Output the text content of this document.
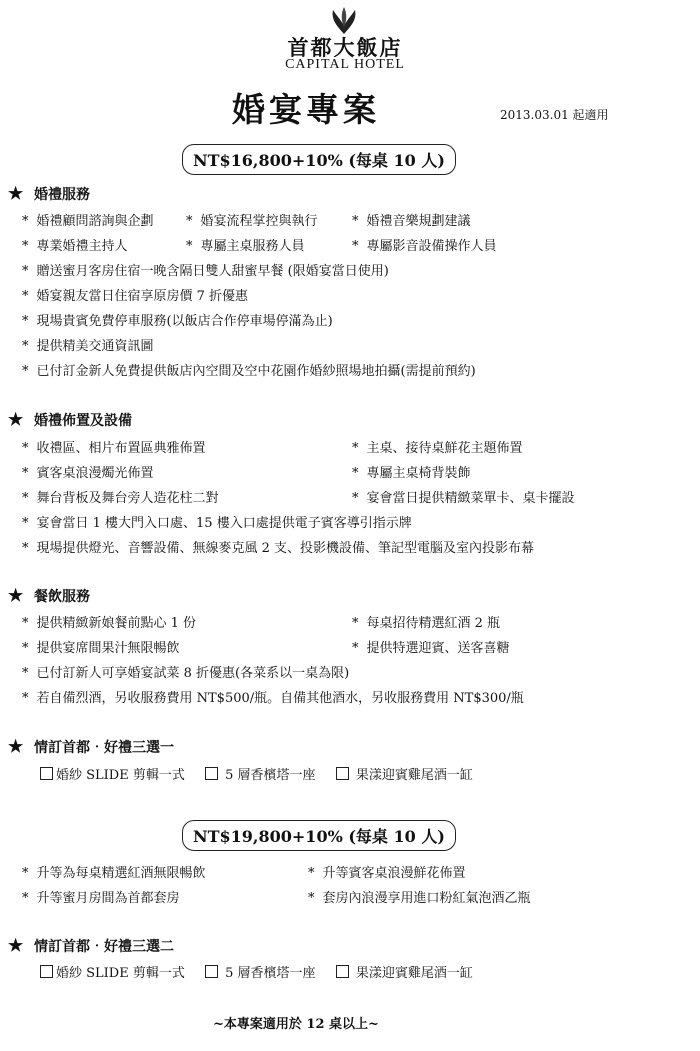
首都大飯店
CAPITAL HOTEL
婚宴專案	2013.03.01 起適用
NT$16,800+10% (每桌 10 人)
★ 婚禮服務
* 婚禮顧問諮詢與企劃 * 婚宴流程掌控與執行	* 婚禮音樂規劃建議
* 專業婚禮主持人	* 專屬主桌服務人員	* 專屬影音設備操作人員
* 贈送蜜月客房住宿一晚含隔日雙人甜蜜早餐 (限婚宴當日使用)
* 婚宴親友當日住宿享原房價 7 折優惠
* 現場貴賓免費停車服務(以飯店合作停車場停滿為止)
* 提供精美交通資訊圖
* 已付訂金新人免費提供飯店內空間及空中花園作婚紗照場地拍攝(需提前預約)
★ 婚禮佈置及設備
* 收禮區、相片布置區典雅佈置	* 主桌、接待桌鮮花主題佈置
* 賓客桌浪漫燭光佈置	* 專屬主桌椅背裝飾
* 舞台背板及舞台旁人造花柱二對	* 宴會當日提供精緻菜單卡、桌卡擺設
* 宴會當日 1 樓大門入口處、15 樓入口處提供電子賓客導引指示牌
* 現場提供燈光、音響設備、無線麥克風 2 支、投影機設備、筆記型電腦及室內投影布幕
★ 餐飲服務
* 提供精緻新娘餐前點心 1 份	* 每桌招待精選紅酒 2 瓶
* 提供宴席間果汁無限暢飲	* 提供特選迎賓、送客喜糖
* 已付訂新人可享婚宴試菜 8 折優惠(各菜系以一桌為限)
* 若自備烈酒，另收服務費用 NT$500/瓶。自備其他酒水，另收服務費用 NT$300/瓶
★ 情訂首都‧好禮三選一
婚紗 SLIDE 剪輯一式	5 層香檳塔一座	果漾迎賓雞尾酒一缸
NT$19,800+10% (每桌 10 人)
* 升等為每桌精選紅酒無限暢飲	* 升等賓客桌浪漫鮮花佈置
* 升等蜜月房間為首都套房	* 套房內浪漫享用進口粉紅氣泡酒乙瓶
★ 情訂首都‧好禮三選二
婚紗 SLIDE 剪輯一式	5 層香檳塔一座	果漾迎賓雞尾酒一缸
~本專案適用於 12 桌以上~
